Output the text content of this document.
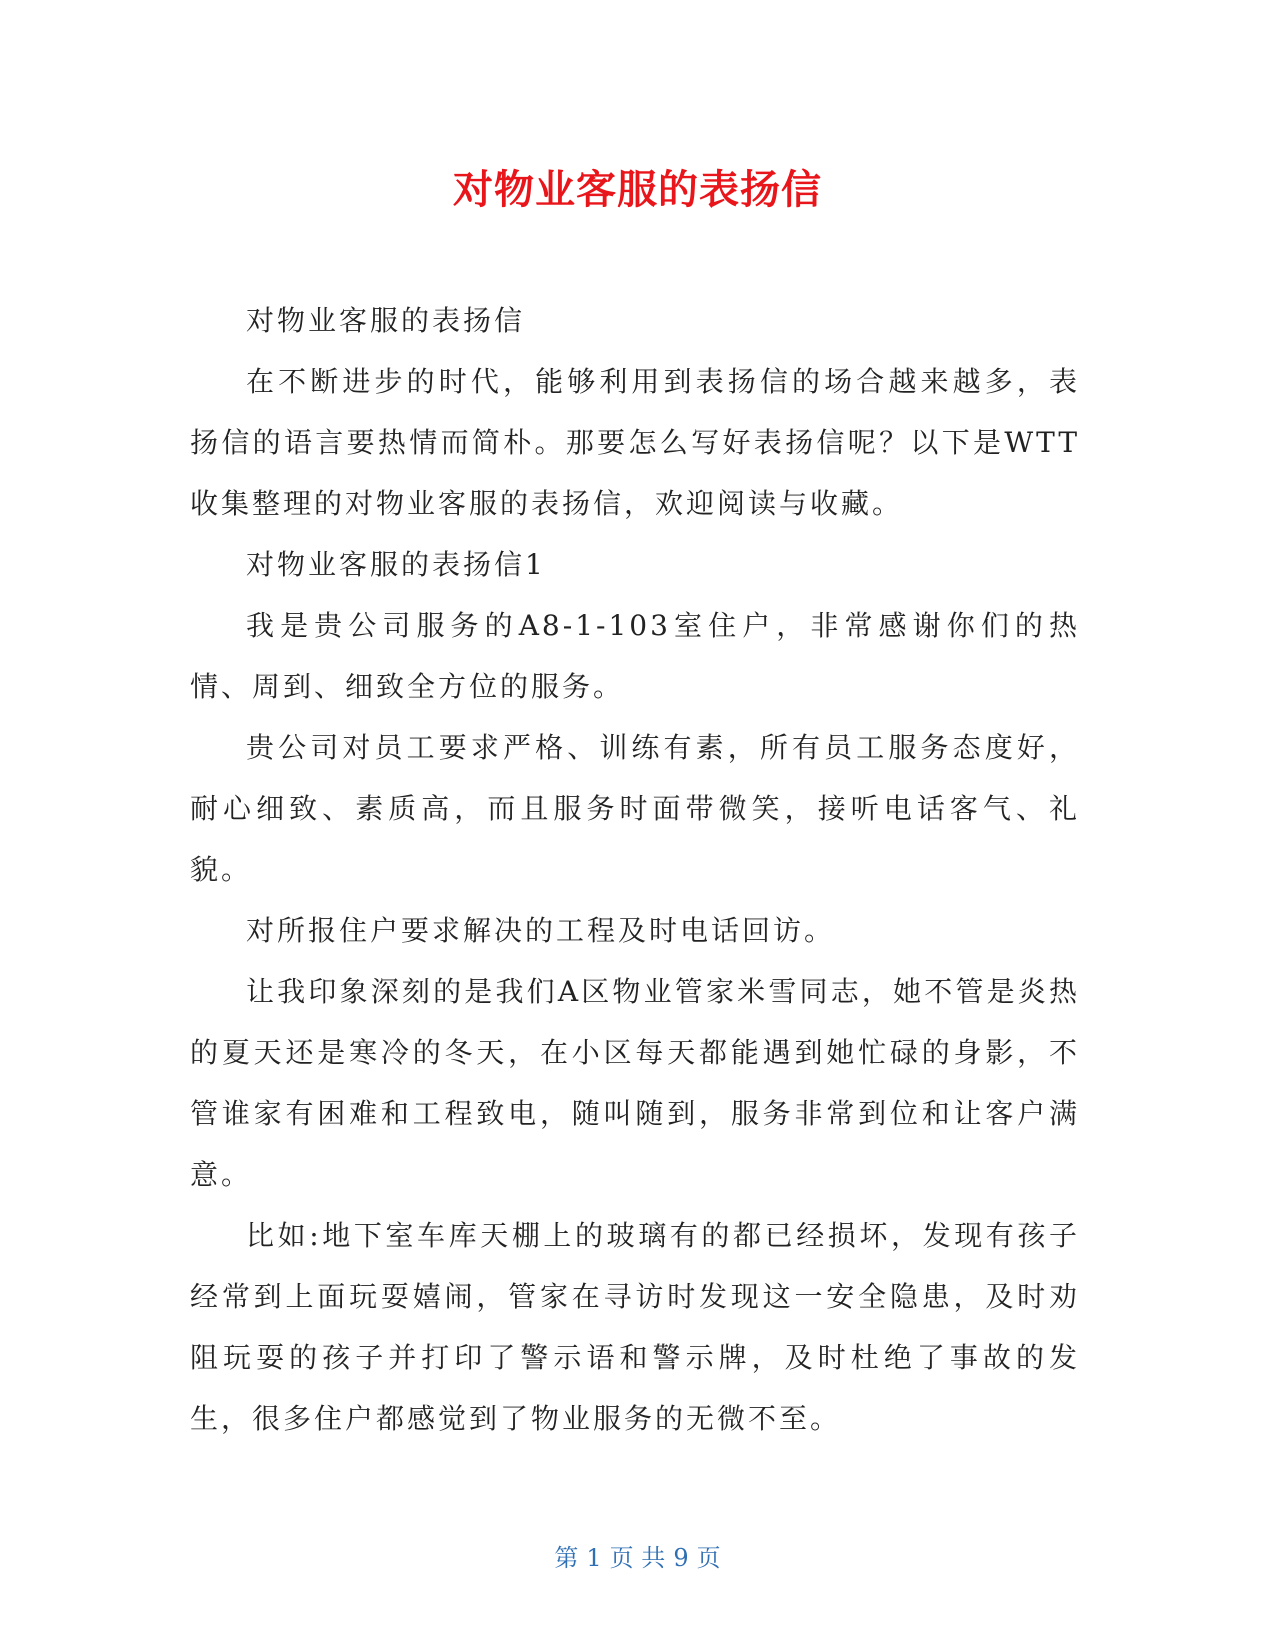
对物业客服的表扬信

对物业客服的表扬信

在不断进步的时代，能够利用到表扬信的场合越来越多，表扬信的语言要热情而简朴。那要怎么写好表扬信呢？以下是WTT收集整理的对物业客服的表扬信，欢迎阅读与收藏。

对物业客服的表扬信1

我是贵公司服务的A8-1-103室住户，非常感谢你们的热情、周到、细致全方位的服务。

贵公司对员工要求严格、训练有素，所有员工服务态度好，耐心细致、素质高，而且服务时面带微笑，接听电话客气、礼貌。

对所报住户要求解决的工程及时电话回访。

让我印象深刻的是我们A区物业管家米雪同志，她不管是炎热的夏天还是寒冷的冬天，在小区每天都能遇到她忙碌的身影，不管谁家有困难和工程致电，随叫随到，服务非常到位和让客户满意。

比如:地下室车库天棚上的玻璃有的都已经损坏，发现有孩子经常到上面玩耍嬉闹，管家在寻访时发现这一安全隐患，及时劝阻玩耍的孩子并打印了警示语和警示牌，及时杜绝了事故的发生，很多住户都感觉到了物业服务的无微不至。

第 1 页 共 9 页
